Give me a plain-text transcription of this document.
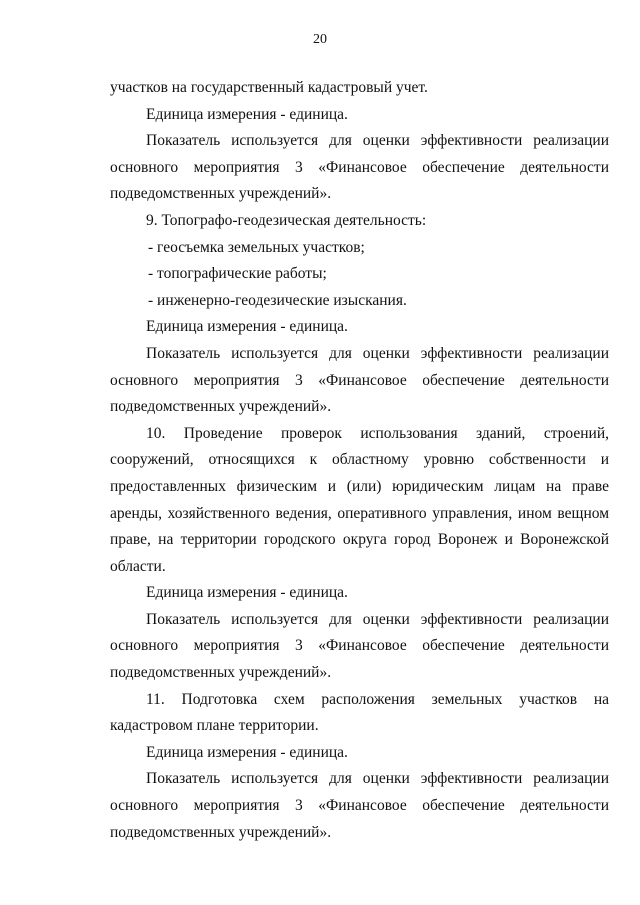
20

участков на государственный кадастровый учет.

Единица измерения - единица.

Показатель используется для оценки эффективности реализации основного мероприятия 3 «Финансовое обеспечение деятельности подведомственных учреждений».

9. Топографо-геодезическая деятельность:

- геосъемка земельных участков;

- топографические работы;

- инженерно-геодезические изыскания.

Единица измерения - единица.

Показатель используется для оценки эффективности реализации основного мероприятия 3 «Финансовое обеспечение деятельности подведомственных учреждений».

10. Проведение проверок использования зданий, строений, сооружений, относящихся к областному уровню собственности и предоставленных физическим и (или) юридическим лицам на праве аренды, хозяйственного ведения, оперативного управления, ином вещном праве, на территории городского округа город Воронеж и Воронежской области.

Единица измерения - единица.

Показатель используется для оценки эффективности реализации основного мероприятия 3 «Финансовое обеспечение деятельности подведомственных учреждений».

11. Подготовка схем расположения земельных участков на кадастровом плане территории.

Единица измерения - единица.

Показатель используется для оценки эффективности реализации основного мероприятия 3 «Финансовое обеспечение деятельности подведомственных учреждений».
